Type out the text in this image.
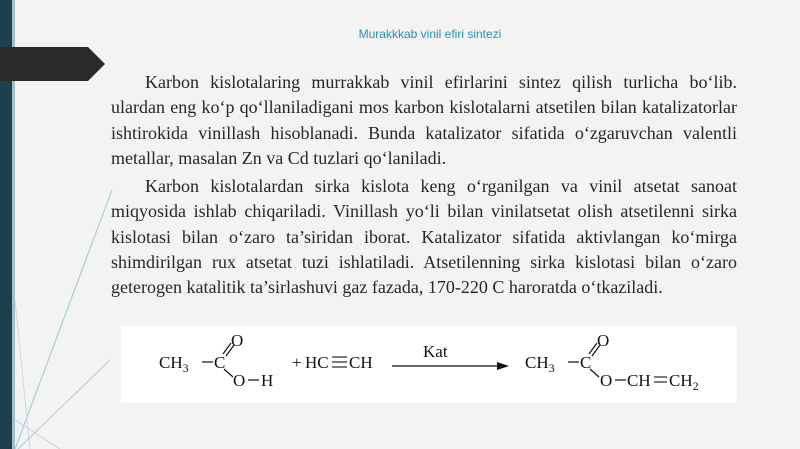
Murakkkab vinil efiri sintezi

Karbon kislotalaring murrakkab vinil efirlarini sintez qilish turlicha bo‘lib. ulardan eng ko‘p qo‘llaniladigani mos karbon kislotalarni atsetilen bilan katalizatorlar ishtirokida vinillash hisoblanadi. Bunda katalizator sifatida o‘zgaruvchan valentli metallar, masalan Zn va Cd tuzlari qo‘laniladi.

Karbon kislotalardan sirka kislota keng o‘rganilgan va vinil atsetat sanoat miqyosida ishlab chiqariladi. Vinillash yo‘li bilan vinilatsetat olish atsetilenni sirka kislotasi bilan o‘zaro ta’siridan iborat. Katalizator sifatida aktivlangan ko‘mirga shimdirilgan rux atsetat tuzi ishlatiladi. Atsetilenning sirka kislotasi bilan o‘zaro geterogen katalitik ta’sirlashuvi gaz fazada, 170-220 C haroratda o‘tkaziladi.

$CH_3$ C
O
O H
+ HC CH
Kat
$CH_3$ C
O
O CH $CH_2$
